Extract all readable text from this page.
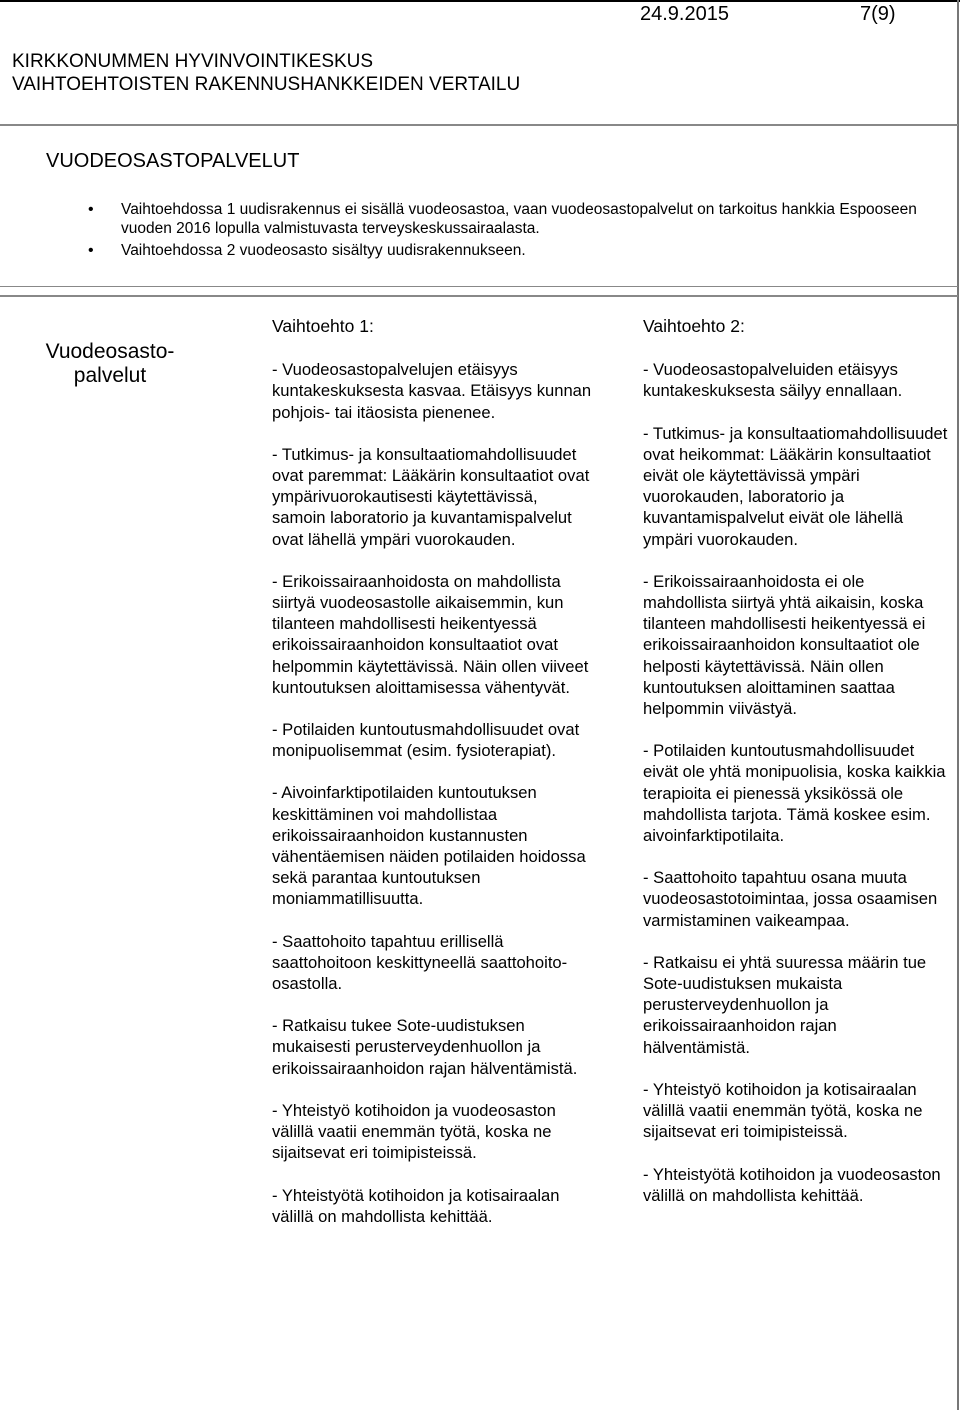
24.9.2015	7(9)
KIRKKONUMMEN HYVINVOINTIKESKUS
VAIHTOEHTOISTEN RAKENNUSHANKKEIDEN VERTAILU
VUODEOSASTOPALVELUT
• Vaihtoehdossa 1 uudisrakennus ei sisällä vuodeosastoa, vaan vuodeosastopalvelut on tarkoitus hankkia Espooseen vuoden 2016 lopulla valmistuvasta terveyskeskussairaalasta.
• Vaihtoehdossa 2 vuodeosasto sisältyy uudisrakennukseen.
Vuodeosasto-
palvelut
Vaihtoehto 1:

- Vuodeosastopalvelujen etäisyys kuntakeskuksesta kasvaa. Etäisyys kunnan pohjois- tai itäosista pienenee.

- Tutkimus- ja konsultaatiomahdollisuudet ovat paremmat: Lääkärin konsultaatiot ovat ympärivuorokautisesti käytettävissä, samoin laboratorio ja kuvantamispalvelut ovat lähellä ympäri vuorokauden.

- Erikoissairaanhoidosta on mahdollista siirtyä vuodeosastolle aikaisemmin, kun tilanteen mahdollisesti heikentyessä erikoissairaanhoidon konsultaatiot ovat helpommin käytettävissä. Näin ollen viiveet kuntoutuksen aloittamisessa vähentyvät.

- Potilaiden kuntoutusmahdollisuudet ovat monipuolisemmat (esim. fysioterapiat).

- Aivoinfarktipotilaiden kuntoutuksen keskittäminen voi mahdollistaa erikoissairaanhoidon kustannusten vähentäemisen näiden potilaiden hoidossa sekä parantaa kuntoutuksen moniammatillisuutta.

- Saattohoito tapahtuu erillisellä saattohoitoon keskittyneellä saattohoito-osastolla.

- Ratkaisu tukee Sote-uudistuksen mukaisesti perusterveydenhuollon ja erikoissairaanhoidon rajan hälventämistä.

- Yhteistyö kotihoidon ja vuodeosaston välillä vaatii enemmän työtä, koska ne sijaitsevat eri toimipisteissä.

- Yhteistyötä kotihoidon ja kotisairaalan välillä on mahdollista kehittää.

Vaihtoehto 2:

- Vuodeosastopalveluiden etäisyys kuntakeskuksesta säilyy ennallaan.

- Tutkimus- ja konsultaatiomahdollisuudet ovat heikommat: Lääkärin konsultaatiot eivät ole käytettävissä ympäri vuorokauden, laboratorio ja kuvantamispalvelut eivät ole lähellä ympäri vuorokauden.

- Erikoissairaanhoidosta ei ole mahdollista siirtyä yhtä aikaisin, koska tilanteen mahdollisesti heikentyessä ei erikoissairaanhoidon konsultaatiot ole helposti käytettävissä. Näin ollen kuntoutuksen aloittaminen saattaa helpommin viivästyä.

- Potilaiden kuntoutusmahdollisuudet eivät ole yhtä monipuolisia, koska kaikkia terapioita ei pienessä yksikössä ole mahdollista tarjota. Tämä koskee esim. aivoinfarktipotilaita.

- Saattohoito tapahtuu osana muuta vuodeosastotoimintaa, jossa osaamisen varmistaminen vaikeampaa.

- Ratkaisu ei yhtä suuressa määrin tue Sote-uudistuksen mukaista perusterveydenhuollon ja erikoissairaanhoidon rajan hälventämistä.

- Yhteistyö kotihoidon ja kotisairaalan välillä vaatii enemmän työtä, koska ne sijaitsevat eri toimipisteissä.

- Yhteistyötä kotihoidon ja vuodeosaston välillä on mahdollista kehittää.
